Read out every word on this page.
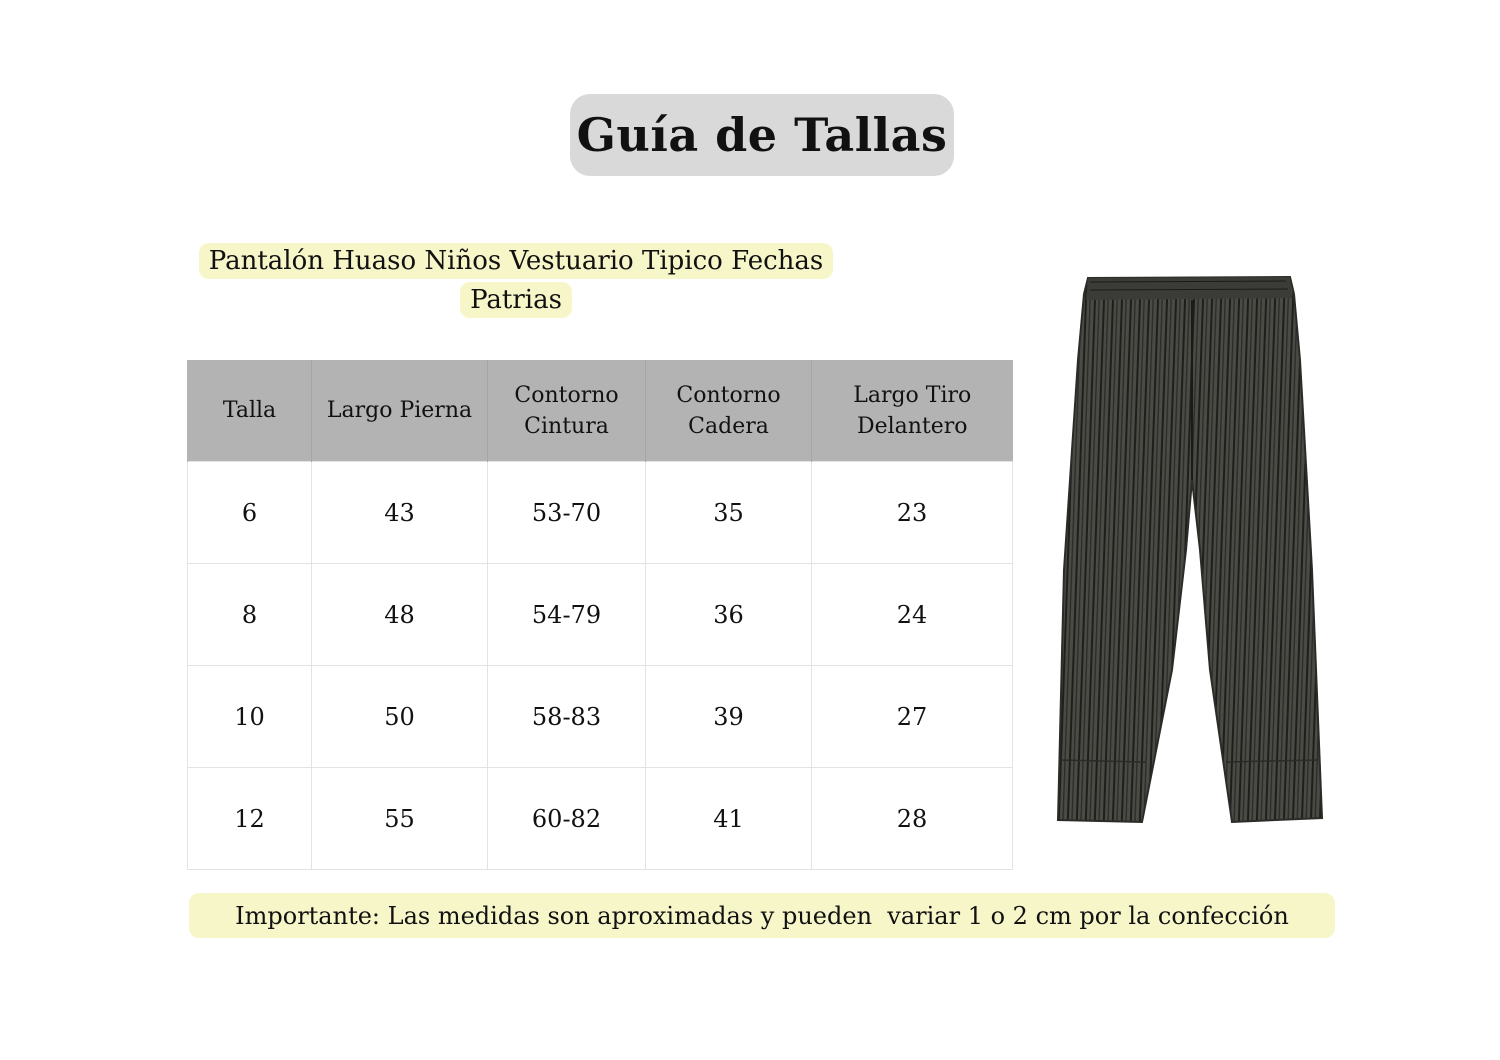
Guía de Tallas
Pantalón Huaso Niños Vestuario Tipico Fechas Patrias
Talla	Largo Pierna	Contorno Cintura	Contorno Cadera	Largo Tiro Delantero
6	43	53-70	35	23
8	48	54-79	36	24
10	50	58-83	39	27
12	55	60-82	41	28
Importante: Las medidas son aproximadas y pueden  variar 1 o 2 cm por la confección
